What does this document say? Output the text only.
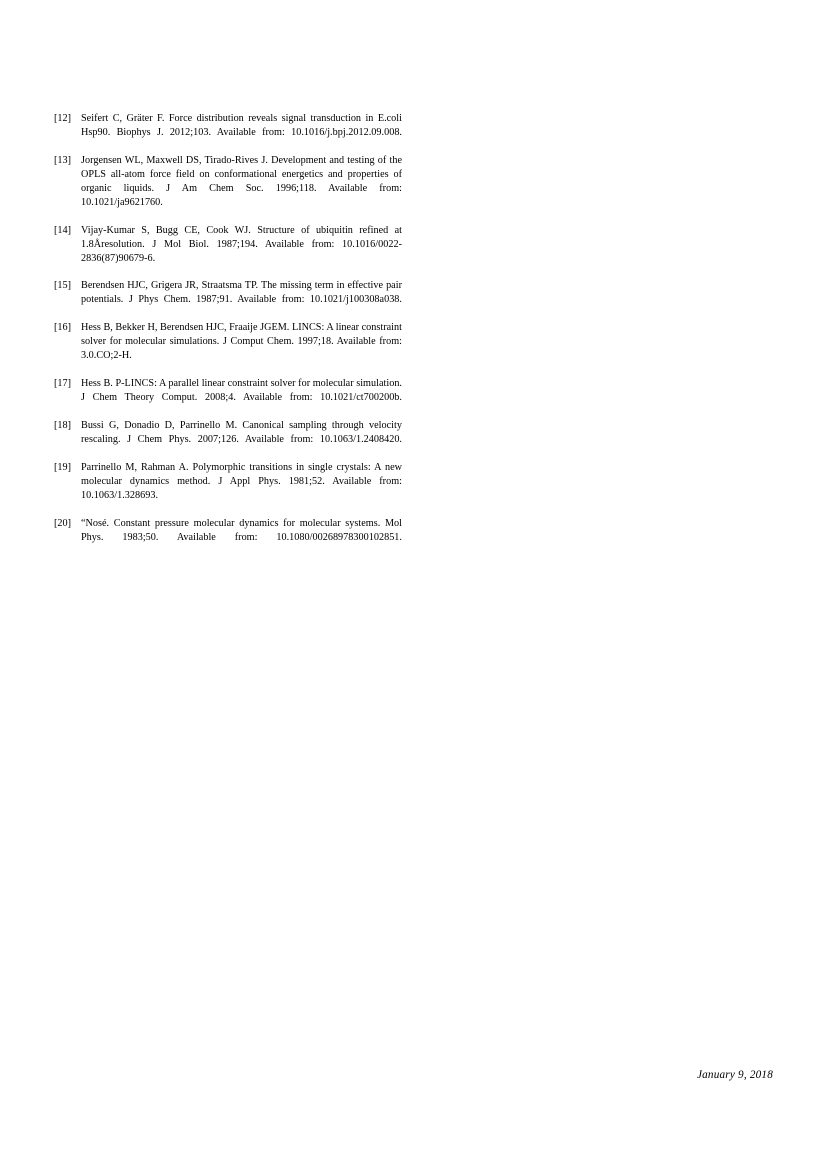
[12] Seifert C, Gräter F. Force distribution reveals signal transduction in E.coli Hsp90. Biophys J. 2012;103. Available from: 10.1016/j.bpj.2012.09.008.
[13] Jorgensen WL, Maxwell DS, Tirado-Rives J. Development and testing of the OPLS all-atom force field on conformational energetics and properties of organic liquids. J Am Chem Soc. 1996;118. Available from: 10.1021/ja9621760.
[14] Vijay-Kumar S, Bugg CE, Cook WJ. Structure of ubiquitin refined at 1.8Åresolution. J Mol Biol. 1987;194. Available from: 10.1016/0022-2836(87)90679-6.
[15] Berendsen HJC, Grigera JR, Straatsma TP. The missing term in effective pair potentials. J Phys Chem. 1987;91. Available from: 10.1021/j100308a038.
[16] Hess B, Bekker H, Berendsen HJC, Fraaije JGEM. LINCS: A linear constraint solver for molecular simulations. J Comput Chem. 1997;18. Available from: 3.0.CO;2-H.
[17] Hess B. P-LINCS: A parallel linear constraint solver for molecular simulation. J Chem Theory Comput. 2008;4. Available from: 10.1021/ct700200b.
[18] Bussi G, Donadio D, Parrinello M. Canonical sampling through velocity rescaling. J Chem Phys. 2007;126. Available from: 10.1063/1.2408420.
[19] Parrinello M, Rahman A. Polymorphic transitions in single crystals: A new molecular dynamics method. J Appl Phys. 1981;52. Available from: 10.1063/1.328693.
[20] “Nosé. Constant pressure molecular dynamics for molecular systems. Mol Phys. 1983;50. Available from: 10.1080/00268978300102851.
January 9, 2018
